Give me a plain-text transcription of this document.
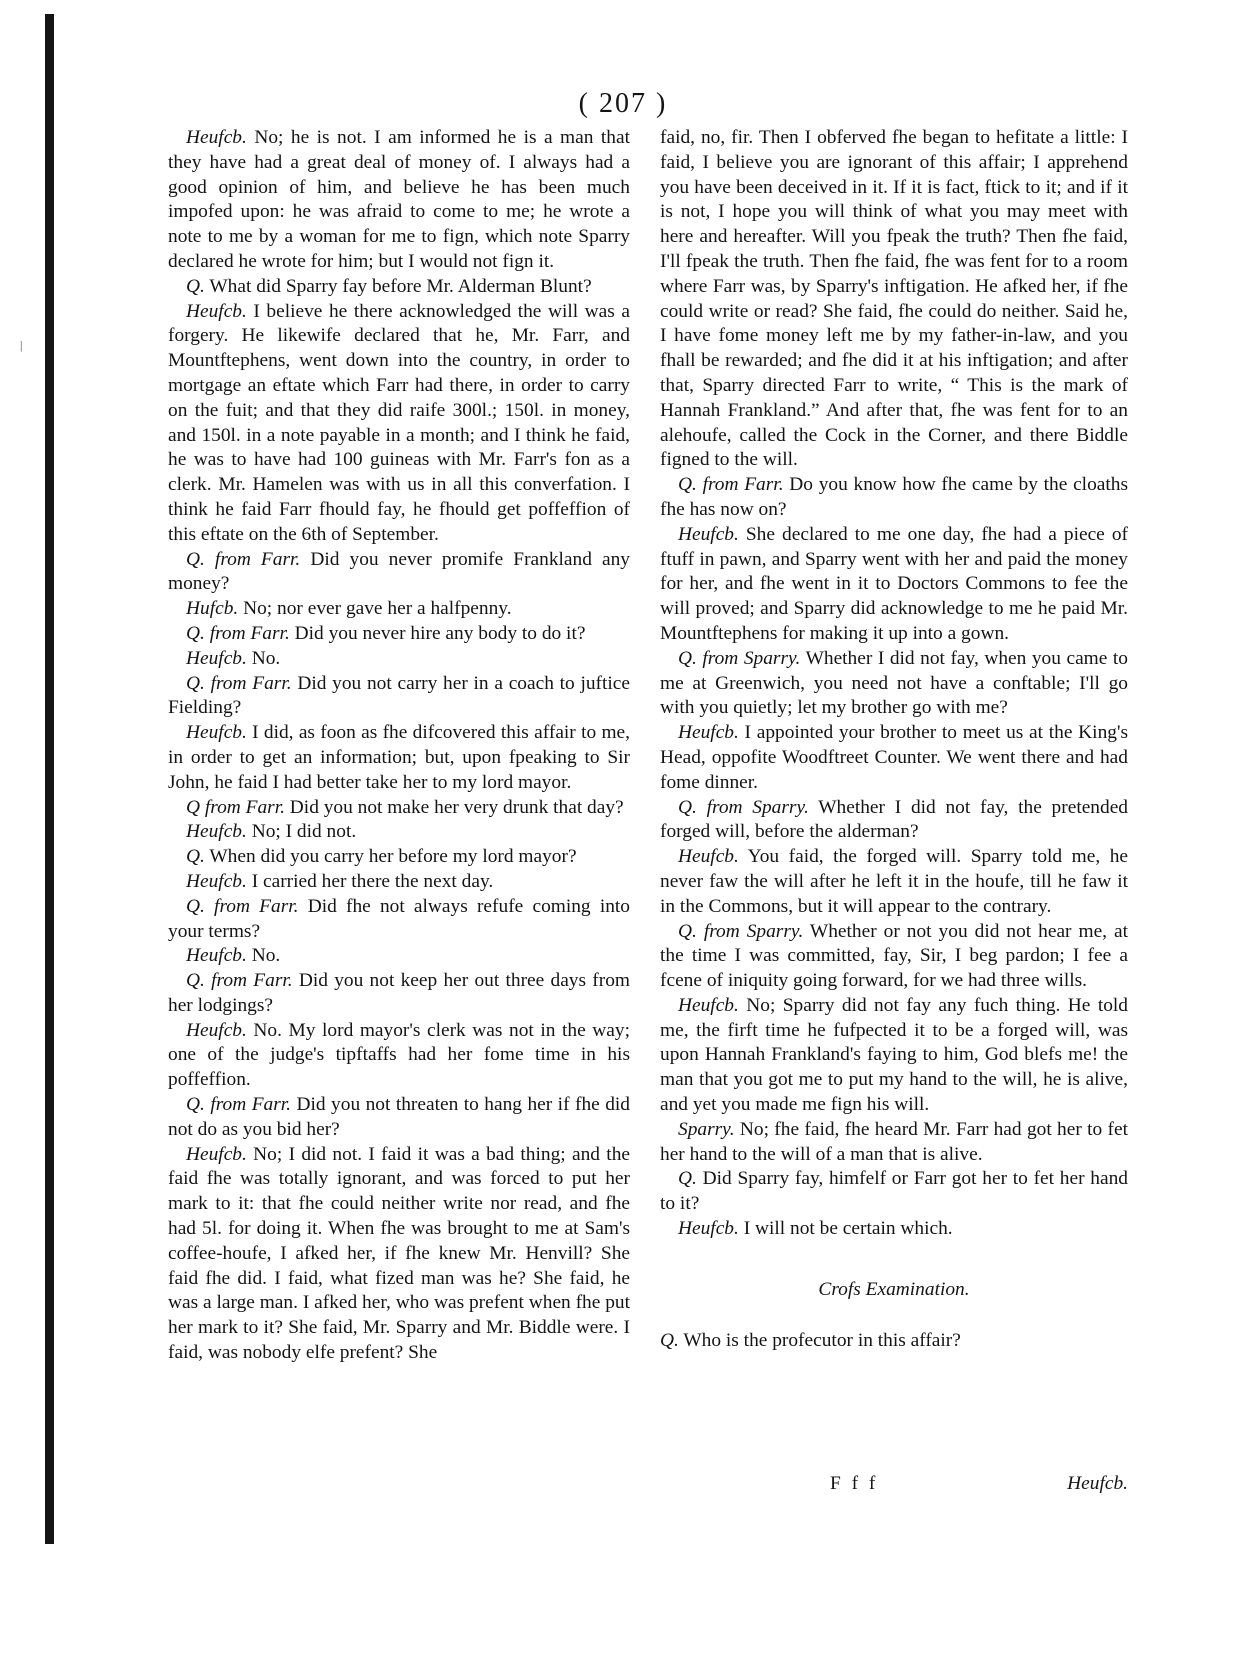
|
( 207 )

Heufcb. No; he is not. I am informed he is a man that they have had a great deal of money of. I always had a good opinion of him, and believe he has been much impofed upon: he was afraid to come to me; he wrote a note to me by a woman for me to fign, which note Sparry declared he wrote for him; but I would not fign it.

Q. What did Sparry fay before Mr. Alderman Blunt?

Heufcb. I believe he there acknowledged the will was a forgery. He likewife declared that he, Mr. Farr, and Mountftephens, went down into the country, in order to mortgage an eftate which Farr had there, in order to carry on the fuit; and that they did raife 300l.; 150l. in money, and 150l. in a note payable in a month; and I think he faid, he was to have had 100 guineas with Mr. Farr's fon as a clerk. Mr. Hamelen was with us in all this converfation. I think he faid Farr fhould fay, he fhould get poffeffion of this eftate on the 6th of September.

Q. from Farr. Did you never promife Frankland any money?

Hufcb. No; nor ever gave her a halfpenny.

Q. from Farr. Did you never hire any body to do it?

Heufcb. No.

Q. from Farr. Did you not carry her in a coach to juftice Fielding?

Heufcb. I did, as foon as fhe difcovered this affair to me, in order to get an information; but, upon fpeaking to Sir John, he faid I had better take her to my lord mayor.

Q from Farr. Did you not make her very drunk that day?

Heufcb. No; I did not.

Q. When did you carry her before my lord mayor?

Heufcb. I carried her there the next day.

Q. from Farr. Did fhe not always refufe coming into your terms?

Heufcb. No.

Q. from Farr. Did you not keep her out three days from her lodgings?

Heufcb. No. My lord mayor's clerk was not in the way; one of the judge's tipftaffs had her fome time in his poffeffion.

Q. from Farr. Did you not threaten to hang her if fhe did not do as you bid her?

Heufcb. No; I did not. I faid it was a bad thing; and the faid fhe was totally ignorant, and was forced to put her mark to it: that fhe could neither write nor read, and fhe had 5l. for doing it. When fhe was brought to me at Sam's coffee-houfe, I afked her, if fhe knew Mr. Henvill? She faid fhe did. I faid, what fized man was he? She faid, he was a large man. I afked her, who was prefent when fhe put her mark to it? She faid, Mr. Sparry and Mr. Biddle were. I faid, was nobody elfe prefent? She

faid, no, fir. Then I obferved fhe began to hefitate a little: I faid, I believe you are ignorant of this affair; I apprehend you have been deceived in it. If it is fact, ftick to it; and if it is not, I hope you will think of what you may meet with here and hereafter. Will you fpeak the truth? Then fhe faid, I'll fpeak the truth. Then fhe faid, fhe was fent for to a room where Farr was, by Sparry's inftigation. He afked her, if fhe could write or read? She faid, fhe could do neither. Said he, I have fome money left me by my father-in-law, and you fhall be rewarded; and fhe did it at his inftigation; and after that, Sparry directed Farr to write, “ This is the mark of Hannah Frankland.” And after that, fhe was fent for to an alehoufe, called the Cock in the Corner, and there Biddle figned to the will.

Q. from Farr. Do you know how fhe came by the cloaths fhe has now on?

Heufcb. She declared to me one day, fhe had a piece of ftuff in pawn, and Sparry went with her and paid the money for her, and fhe went in it to Doctors Commons to fee the will proved; and Sparry did acknowledge to me he paid Mr. Mountftephens for making it up into a gown.

Q. from Sparry. Whether I did not fay, when you came to me at Greenwich, you need not have a conftable; I'll go with you quietly; let my brother go with me?

Heufcb. I appointed your brother to meet us at the King's Head, oppofite Woodftreet Counter. We went there and had fome dinner.

Q. from Sparry. Whether I did not fay, the pretended forged will, before the alderman?

Heufcb. You faid, the forged will. Sparry told me, he never faw the will after he left it in the houfe, till he faw it in the Commons, but it will appear to the contrary.

Q. from Sparry. Whether or not you did not hear me, at the time I was committed, fay, Sir, I beg pardon; I fee a fcene of iniquity going forward, for we had three wills.

Heufcb. No; Sparry did not fay any fuch thing. He told me, the firft time he fufpected it to be a forged will, was upon Hannah Frankland's faying to him, God blefs me! the man that you got me to put my hand to the will, he is alive, and yet you made me fign his will.

Sparry. No; fhe faid, fhe heard Mr. Farr had got her to fet her hand to the will of a man that is alive.

Q. Did Sparry fay, himfelf or Farr got her to fet her hand to it?

Heufcb. I will not be certain which.

Crofs Examination.

Q. Who is the profecutor in this affair?

F f f	Heufcb.
